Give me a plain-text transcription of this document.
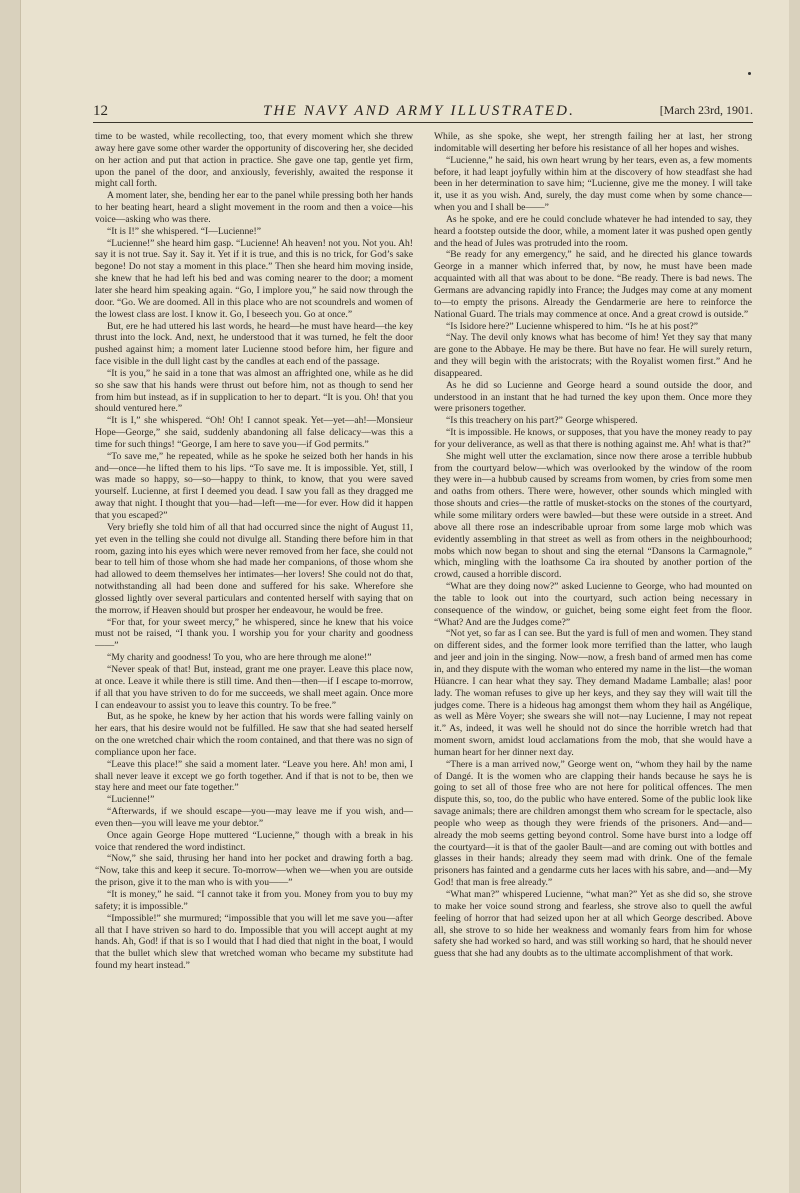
12	THE NAVY AND ARMY ILLUSTRATED.	[March 23rd, 1901.

time to be wasted, while recollecting, too, that every moment which she threw away here gave some other warder the opportunity of discovering her, she decided on her action and put that action in practice. She gave one tap, gentle yet firm, upon the panel of the door, and anxiously, feverishly, awaited the response it might call forth.

A moment later, she, bending her ear to the panel while pressing both her hands to her beating heart, heard a slight movement in the room and then a voice—his voice—asking who was there.

“It is I!” she whispered. “I—Lucienne!”

“Lucienne!” she heard him gasp. “Lucienne! Ah heaven! not you. Not you. Ah! say it is not true. Say it. Say it. Yet if it is true, and this is no trick, for God’s sake begone! Do not stay a moment in this place.” Then she heard him moving inside, she knew that he had left his bed and was coming nearer to the door; a moment later she heard him speaking again. “Go, I implore you,” he said now through the door. “Go. We are doomed. All in this place who are not scoundrels and women of the lowest class are lost. I know it. Go, I beseech you. Go at once.”

But, ere he had uttered his last words, he heard—he must have heard—the key thrust into the lock. And, next, he understood that it was turned, he felt the door pushed against him; a moment later Lucienne stood before him, her figure and face visible in the dull light cast by the candles at each end of the passage.

“It is you,” he said in a tone that was almost an affrighted one, while as he did so she saw that his hands were thrust out before him, not as though to send her from him but instead, as if in supplication to her to depart. “It is you. Oh! that you should ventured here.”

“It is I,” she whispered. “Oh! Oh! I cannot speak. Yet—yet—ah!—Monsieur Hope—George,” she said, suddenly abandoning all false delicacy—was this a time for such things! “George, I am here to save you—if God permits.”

“To save me,” he repeated, while as he spoke he seized both her hands in his and—once—he lifted them to his lips. “To save me. It is impossible. Yet, still, I was made so happy, so—so—happy to think, to know, that you were saved yourself. Lucienne, at first I deemed you dead. I saw you fall as they dragged me away that night. I thought that you—had—left—me—for ever. How did it happen that you escaped?”

Very briefly she told him of all that had occurred since the night of August 11, yet even in the telling she could not divulge all. Standing there before him in that room, gazing into his eyes which were never removed from her face, she could not bear to tell him of those whom she had made her companions, of those whom she had allowed to deem themselves her intimates—her lovers! She could not do that, notwithstanding all had been done and suffered for his sake. Wherefore she glossed lightly over several particulars and contented herself with saying that on the morrow, if Heaven should but prosper her endeavour, he would be free.

“For that, for your sweet mercy,” he whispered, since he knew that his voice must not be raised, “I thank you. I worship you for your charity and goodness——”

“My charity and goodness! To you, who are here through me alone!”

“Never speak of that! But, instead, grant me one prayer. Leave this place now, at once. Leave it while there is still time. And then—then—if I escape to-morrow, if all that you have striven to do for me succeeds, we shall meet again. Once more I can endeavour to assist you to leave this country. To be free.”

But, as he spoke, he knew by her action that his words were falling vainly on her ears, that his desire would not be fulfilled. He saw that she had seated herself on the one wretched chair which the room contained, and that there was no sign of compliance upon her face.

“Leave this place!” she said a moment later. “Leave you here. Ah! mon ami, I shall never leave it except we go forth together. And if that is not to be, then we stay here and meet our fate together.”

“Lucienne!”

“Afterwards, if we should escape—you—may leave me if you wish, and—even then—you will leave me your debtor.”

Once again George Hope muttered “Lucienne,” though with a break in his voice that rendered the word indistinct.

“Now,” she said, thrusing her hand into her pocket and drawing forth a bag. “Now, take this and keep it secure. To-morrow—when we—when you are outside the prison, give it to the man who is with you——”

“It is money,” he said. “I cannot take it from you. Money from you to buy my safety; it is impossible.”

“Impossible!” she murmured; “impossible that you will let me save you—after all that I have striven so hard to do. Impossible that you will accept aught at my hands. Ah, God! if that is so I would that I had died that night in the boat, I would that the bullet which slew that wretched woman who became my substitute had found my heart instead.”

While, as she spoke, she wept, her strength failing her at last, her strong indomitable will deserting her before his resistance of all her hopes and wishes.

“Lucienne,” he said, his own heart wrung by her tears, even as, a few moments before, it had leapt joyfully within him at the discovery of how steadfast she had been in her determination to save him; “Lucienne, give me the money. I will take it, use it as you wish. And, surely, the day must come when by some chance—when you and I shall be——”

As he spoke, and ere he could conclude whatever he had intended to say, they heard a footstep outside the door, while, a moment later it was pushed open gently and the head of Jules was protruded into the room.

“Be ready for any emergency,” he said, and he directed his glance towards George in a manner which inferred that, by now, he must have been made acquainted with all that was about to be done. “Be ready. There is bad news. The Germans are advancing rapidly into France; the Judges may come at any moment to—to empty the prisons. Already the Gendarmerie are here to reinforce the National Guard. The trials may commence at once. And a great crowd is outside.”

“Is Isidore here?” Lucienne whispered to him. “Is he at his post?”

“Nay. The devil only knows what has become of him! Yet they say that many are gone to the Abbaye. He may be there. But have no fear. He will surely return, and they will begin with the aristocrats; with the Royalist women first.” And he disappeared.

As he did so Lucienne and George heard a sound outside the door, and understood in an instant that he had turned the key upon them. Once more they were prisoners together.

“Is this treachery on his part?” George whispered.

“It is impossible. He knows, or supposes, that you have the money ready to pay for your deliverance, as well as that there is nothing against me. Ah! what is that?”

She might well utter the exclamation, since now there arose a terrible hubbub from the courtyard below—which was overlooked by the window of the room they were in—a hubbub caused by screams from women, by cries from some men and oaths from others. There were, however, other sounds which mingled with those shouts and cries—the rattle of musket-stocks on the stones of the courtyard, while some military orders were bawled—but these were outside in a street. And above all there rose an indescribable uproar from some large mob which was evidently assembling in that street as well as from others in the neighbourhood; mobs which now began to shout and sing the eternal “Dansons la Carmagnole,” which, mingling with the loathsome Ca ira shouted by another portion of the crowd, caused a horrible discord.

“What are they doing now?” asked Lucienne to George, who had mounted on the table to look out into the courtyard, such action being necessary in consequence of the window, or guichet, being some eight feet from the floor. “What? And are the Judges come?”

“Not yet, so far as I can see. But the yard is full of men and women. They stand on different sides, and the former look more terrified than the latter, who laugh and jeer and join in the singing. Now—now, a fresh band of armed men has come in, and they dispute with the woman who entered my name in the list—the woman Hüancre. I can hear what they say. They demand Madame Lamballe; alas! poor lady. The woman refuses to give up her keys, and they say they will wait till the judges come. There is a hideous hag amongst them whom they hail as Angélique, as well as Mère Voyer; she swears she will not—nay Lucienne, I may not repeat it.” As, indeed, it was well he should not do since the horrible wretch had that moment sworn, amidst loud acclamations from the mob, that she would have a human heart for her dinner next day.

“There is a man arrived now,” George went on, “whom they hail by the name of Dangé. It is the women who are clapping their hands because he says he is going to set all of those free who are not here for political offences. The men dispute this, so, too, do the public who have entered. Some of the public look like savage animals; there are children amongst them who scream for le spectacle, also people who weep as though they were friends of the prisoners. And—and—already the mob seems getting beyond control. Some have burst into a lodge off the courtyard—it is that of the gaoler Bault—and are coming out with bottles and glasses in their hands; already they seem mad with drink. One of the female prisoners has fainted and a gendarme cuts her laces with his sabre, and—and—My God! that man is free already.”

“What man?” whispered Lucienne, “what man?” Yet as she did so, she strove to make her voice sound strong and fearless, she strove also to quell the awful feeling of horror that had seized upon her at all which George described. Above all, she strove to so hide her weakness and womanly fears from him for whose safety she had worked so hard, and was still working so hard, that he should never guess that she had any doubts as to the ultimate accomplishment of that work.
